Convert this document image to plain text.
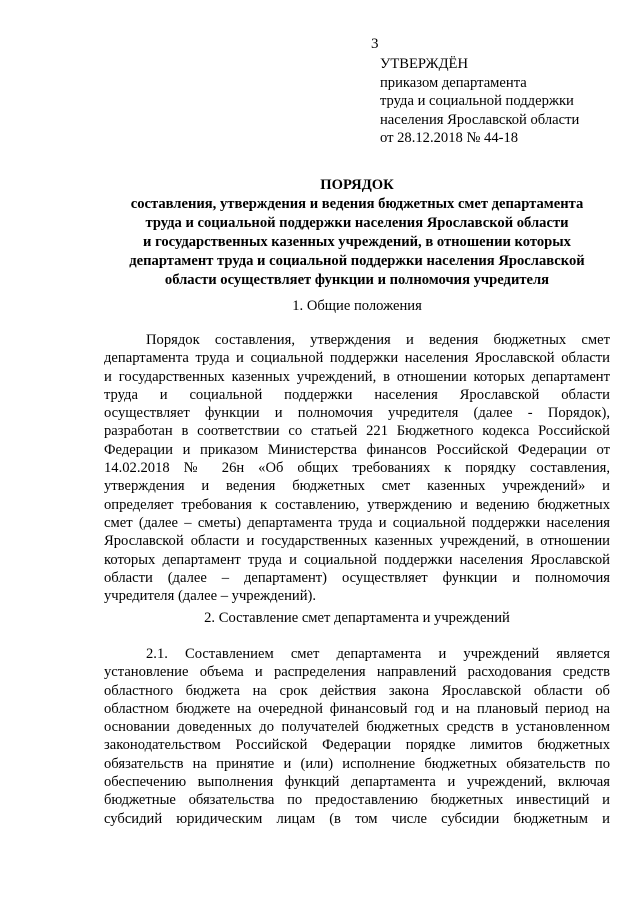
3
УТВЕРЖДЁН
приказом департамента
труда и социальной поддержки
населения Ярославской области
от 28.12.2018 № 44-18
ПОРЯДОК
составления, утверждения и ведения бюджетных смет департамента
труда и социальной поддержки населения Ярославской области
и государственных казенных учреждений, в отношении которых
департамент труда и социальной поддержки населения Ярославской
области осуществляет функции и полномочия учредителя
1. Общие положения
Порядок составления, утверждения и ведения бюджетных смет
департамента труда и социальной поддержки населения Ярославской области
и государственных казенных учреждений, в отношении которых департамент
труда и социальной поддержки населения Ярославской области
осуществляет функции и полномочия учредителя (далее - Порядок),
разработан в соответствии со статьей 221 Бюджетного кодекса Российской
Федерации и приказом Министерства финансов Российской Федерации от
14.02.2018 № 26н «Об общих требованиях к порядку составления,
утверждения и ведения бюджетных смет казенных учреждений» и
определяет требования к составлению, утверждению и ведению бюджетных
смет (далее – сметы) департамента труда и социальной поддержки населения
Ярославской области и государственных казенных учреждений, в отношении
которых департамент труда и социальной поддержки населения Ярославской
области (далее – департамент) осуществляет функции и полномочия
учредителя (далее – учреждений).
2. Составление смет департамента и учреждений
2.1. Составлением смет департамента и учреждений является
установление объема и распределения направлений расходования средств
областного бюджета на срок действия закона Ярославской области об
областном бюджете на очередной финансовый год и на плановый период на
основании доведенных до получателей бюджетных средств в установленном
законодательством Российской Федерации порядке лимитов бюджетных
обязательств на принятие и (или) исполнение бюджетных обязательств по
обеспечению выполнения функций департамента и учреждений, включая
бюджетные обязательства по предоставлению бюджетных инвестиций и
субсидий юридическим лицам (в том числе субсидии бюджетным и
